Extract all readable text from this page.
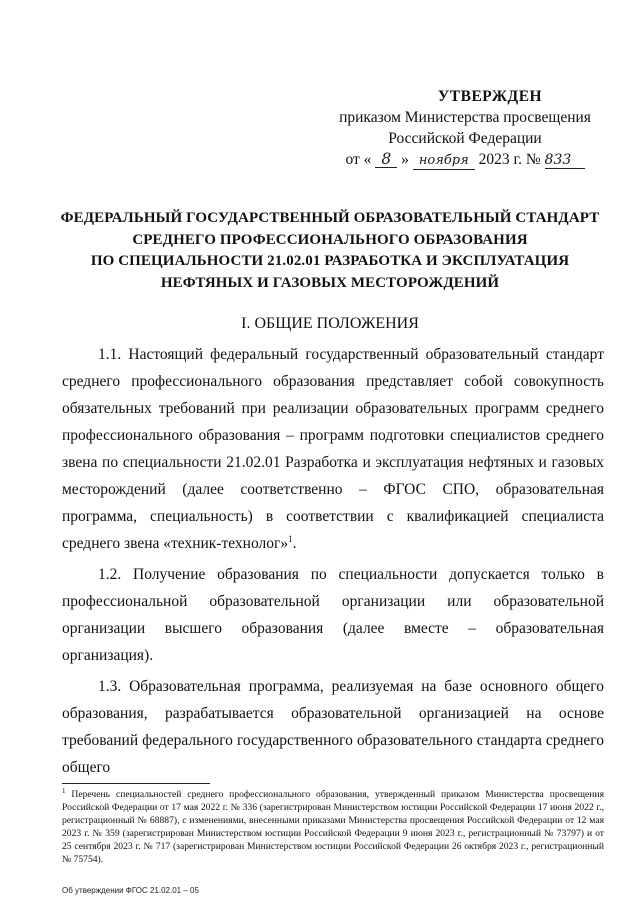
УТВЕРЖДЕН
приказом Министерства просвещения
Российской Федерации
от « 8 » ноября 2023 г. № 833
ФЕДЕРАЛЬНЫЙ ГОСУДАРСТВЕННЫЙ ОБРАЗОВАТЕЛЬНЫЙ СТАНДАРТ
СРЕДНЕГО ПРОФЕССИОНАЛЬНОГО ОБРАЗОВАНИЯ
ПО СПЕЦИАЛЬНОСТИ 21.02.01 РАЗРАБОТКА И ЭКСПЛУАТАЦИЯ
НЕФТЯНЫХ И ГАЗОВЫХ МЕСТОРОЖДЕНИЙ
I. ОБЩИЕ ПОЛОЖЕНИЯ

1.1. Настоящий федеральный государственный образовательный стандарт среднего профессионального образования представляет собой совокупность обязательных требований при реализации образовательных программ среднего профессионального образования – программ подготовки специалистов среднего звена по специальности 21.02.01 Разработка и эксплуатация нефтяных и газовых месторождений (далее соответственно – ФГОС СПО, образовательная программа, специальность) в соответствии с квалификацией специалиста среднего звена «техник-технолог»$^1$.

1.2. Получение образования по специальности допускается только в профессиональной образовательной организации или образовательной организации высшего образования (далее вместе – образовательная организация).

1.3. Образовательная программа, реализуемая на базе основного общего образования, разрабатывается образовательной организацией на основе требований федерального государственного образовательного стандарта среднего общего

$^1$ Перечень специальностей среднего профессионального образования, утвержденный приказом Министерства просвещения Российской Федерации от 17 мая 2022 г. № 336 (зарегистрирован Министерством юстиции Российской Федерации 17 июня 2022 г., регистрационный № 68887), с изменениями, внесенными приказами Министерства просвещения Российской Федерации от 12 мая 2023 г. № 359 (зарегистрирован Министерством юстиции Российской Федерации 9 июня 2023 г., регистрационный № 73797) и от 25 сентября 2023 г. № 717 (зарегистрирован Министерством юстиции Российской Федерации 26 октября 2023 г., регистрационный № 75754).
Об утверждении ФГОС 21.02.01 – 05
